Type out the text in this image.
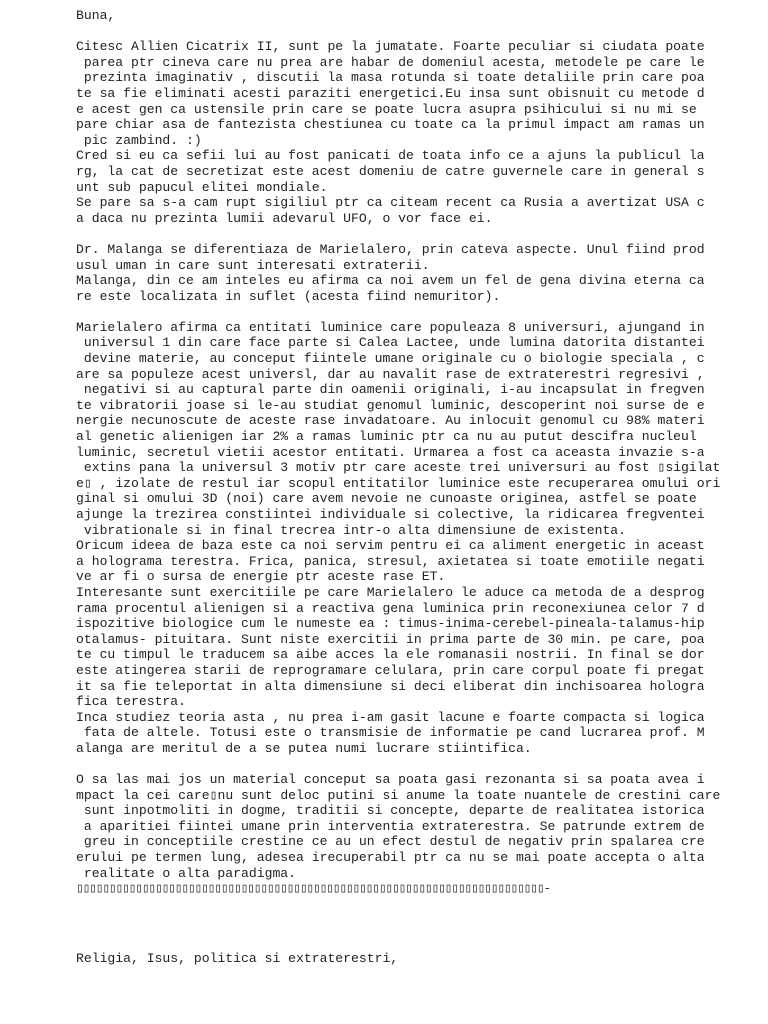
Buna,
Citesc Allien Cicatrix II, sunt pe la jumatate. Foarte peculiar si ciudata poate
parea ptr cineva care nu prea are habar de domeniul acesta, metodele pe care le
prezinta imaginativ , discutii la masa rotunda si toate detaliile prin care poa
te sa fie eliminati acesti paraziti energetici.Eu insa sunt obisnuit cu metode d
e acest gen ca ustensile prin care se poate lucra asupra psihicului si nu mi se
pare chiar asa de fantezista chestiunea cu toate ca la primul impact am ramas un
pic zambind. :)
Cred si eu ca sefii lui au fost panicati de toata info ce a ajuns la publicul la
rg, la cat de secretizat este acest domeniu de catre guvernele care in general s
unt sub papucul elitei mondiale.
Se pare sa s-a cam rupt sigiliul ptr ca citeam recent ca Rusia a avertizat USA c
a daca nu prezinta lumii adevarul UFO, o vor face ei.
Dr. Malanga se diferentiaza de Marielalero, prin cateva aspecte. Unul fiind prod
usul uman in care sunt interesati extraterii.
Malanga, din ce am inteles eu afirma ca noi avem un fel de gena divina eterna ca
re este localizata in suflet (acesta fiind nemuritor).
Marielalero afirma ca entitati luminice care populeaza 8 universuri, ajungand in
universul 1 din care face parte si Calea Lactee, unde lumina datorita distantei
devine materie, au conceput fiintele umane originale cu o biologie speciala , c
are sa populeze acest universl, dar au navalit rase de extraterestri regresivi ,
negativi si au captural parte din oamenii originali, i-au incapsulat in fregven
te vibratorii joase si le-au studiat genomul luminic, descoperint noi surse de e
nergie necunoscute de aceste rase invadatoare. Au inlocuit genomul cu 98% materi
al genetic alienigen iar 2% a ramas luminic ptr ca nu au putut descifra nucleul
luminic, secretul vietii acestor entitati. Urmarea a fost ca aceasta invazie s-a
extins pana la universul 3 motiv ptr care aceste trei universuri au fost ▯sigilat
e▯ , izolate de restul iar scopul entitatilor luminice este recuperarea omului ori
ginal si omului 3D (noi) care avem nevoie ne cunoaste originea, astfel se poate
ajunge la trezirea constiintei individuale si colective, la ridicarea fregventei
vibrationale si in final trecrea intr-o alta dimensiune de existenta.
Oricum ideea de baza este ca noi servim pentru ei ca aliment energetic in aceast
a holograma terestra. Frica, panica, stresul, axietatea si toate emotiile negati
ve ar fi o sursa de energie ptr aceste rase ET.
Interesante sunt exercitiile pe care Marielalero le aduce ca metoda de a desprog
rama procentul alienigen si a reactiva gena luminica prin reconexiunea celor 7 d
ispozitive biologice cum le numeste ea : timus-inima-cerebel-pineala-talamus-hip
otalamus- pituitara. Sunt niste exercitii in prima parte de 30 min. pe care, poa
te cu timpul le traducem sa aibe acces la ele romanasii nostrii. In final se dor
este atingerea starii de reprogramare celulara, prin care corpul poate fi pregat
it sa fie teleportat in alta dimensiune si deci eliberat din inchisoarea hologra
fica terestra.
Inca studiez teoria asta , nu prea i-am gasit lacune e foarte compacta si logica
fata de altele. Totusi este o transmisie de informatie pe cand lucrarea prof. M
alanga are meritul de a se putea numi lucrare stiintifica.
O sa las mai jos un material conceput sa poata gasi rezonanta si sa poata avea i
mpact la cei care▯nu sunt deloc putini si anume la toate nuantele de crestini care
sunt inpotmoliti in dogme, traditii si concepte, departe de realitatea istorica
a aparitiei fiintei umane prin interventia extraterestra. Se patrunde extrem de
greu in conceptiile crestine ce au un efect destul de negativ prin spalarea cre
erului pe termen lung, adesea irecuperabil ptr ca nu se mai poate accepta o alta
realitate o alta paradigma.
▯▯▯▯▯▯▯▯▯▯▯▯▯▯▯▯▯▯▯▯▯▯▯▯▯▯▯▯▯▯▯▯▯▯▯▯▯▯▯▯▯▯▯▯▯▯▯▯▯▯▯▯▯▯▯▯▯▯▯▯▯▯▯▯▯▯▯▯▯▯▯-
Religia, Isus, politica si extraterestri,
